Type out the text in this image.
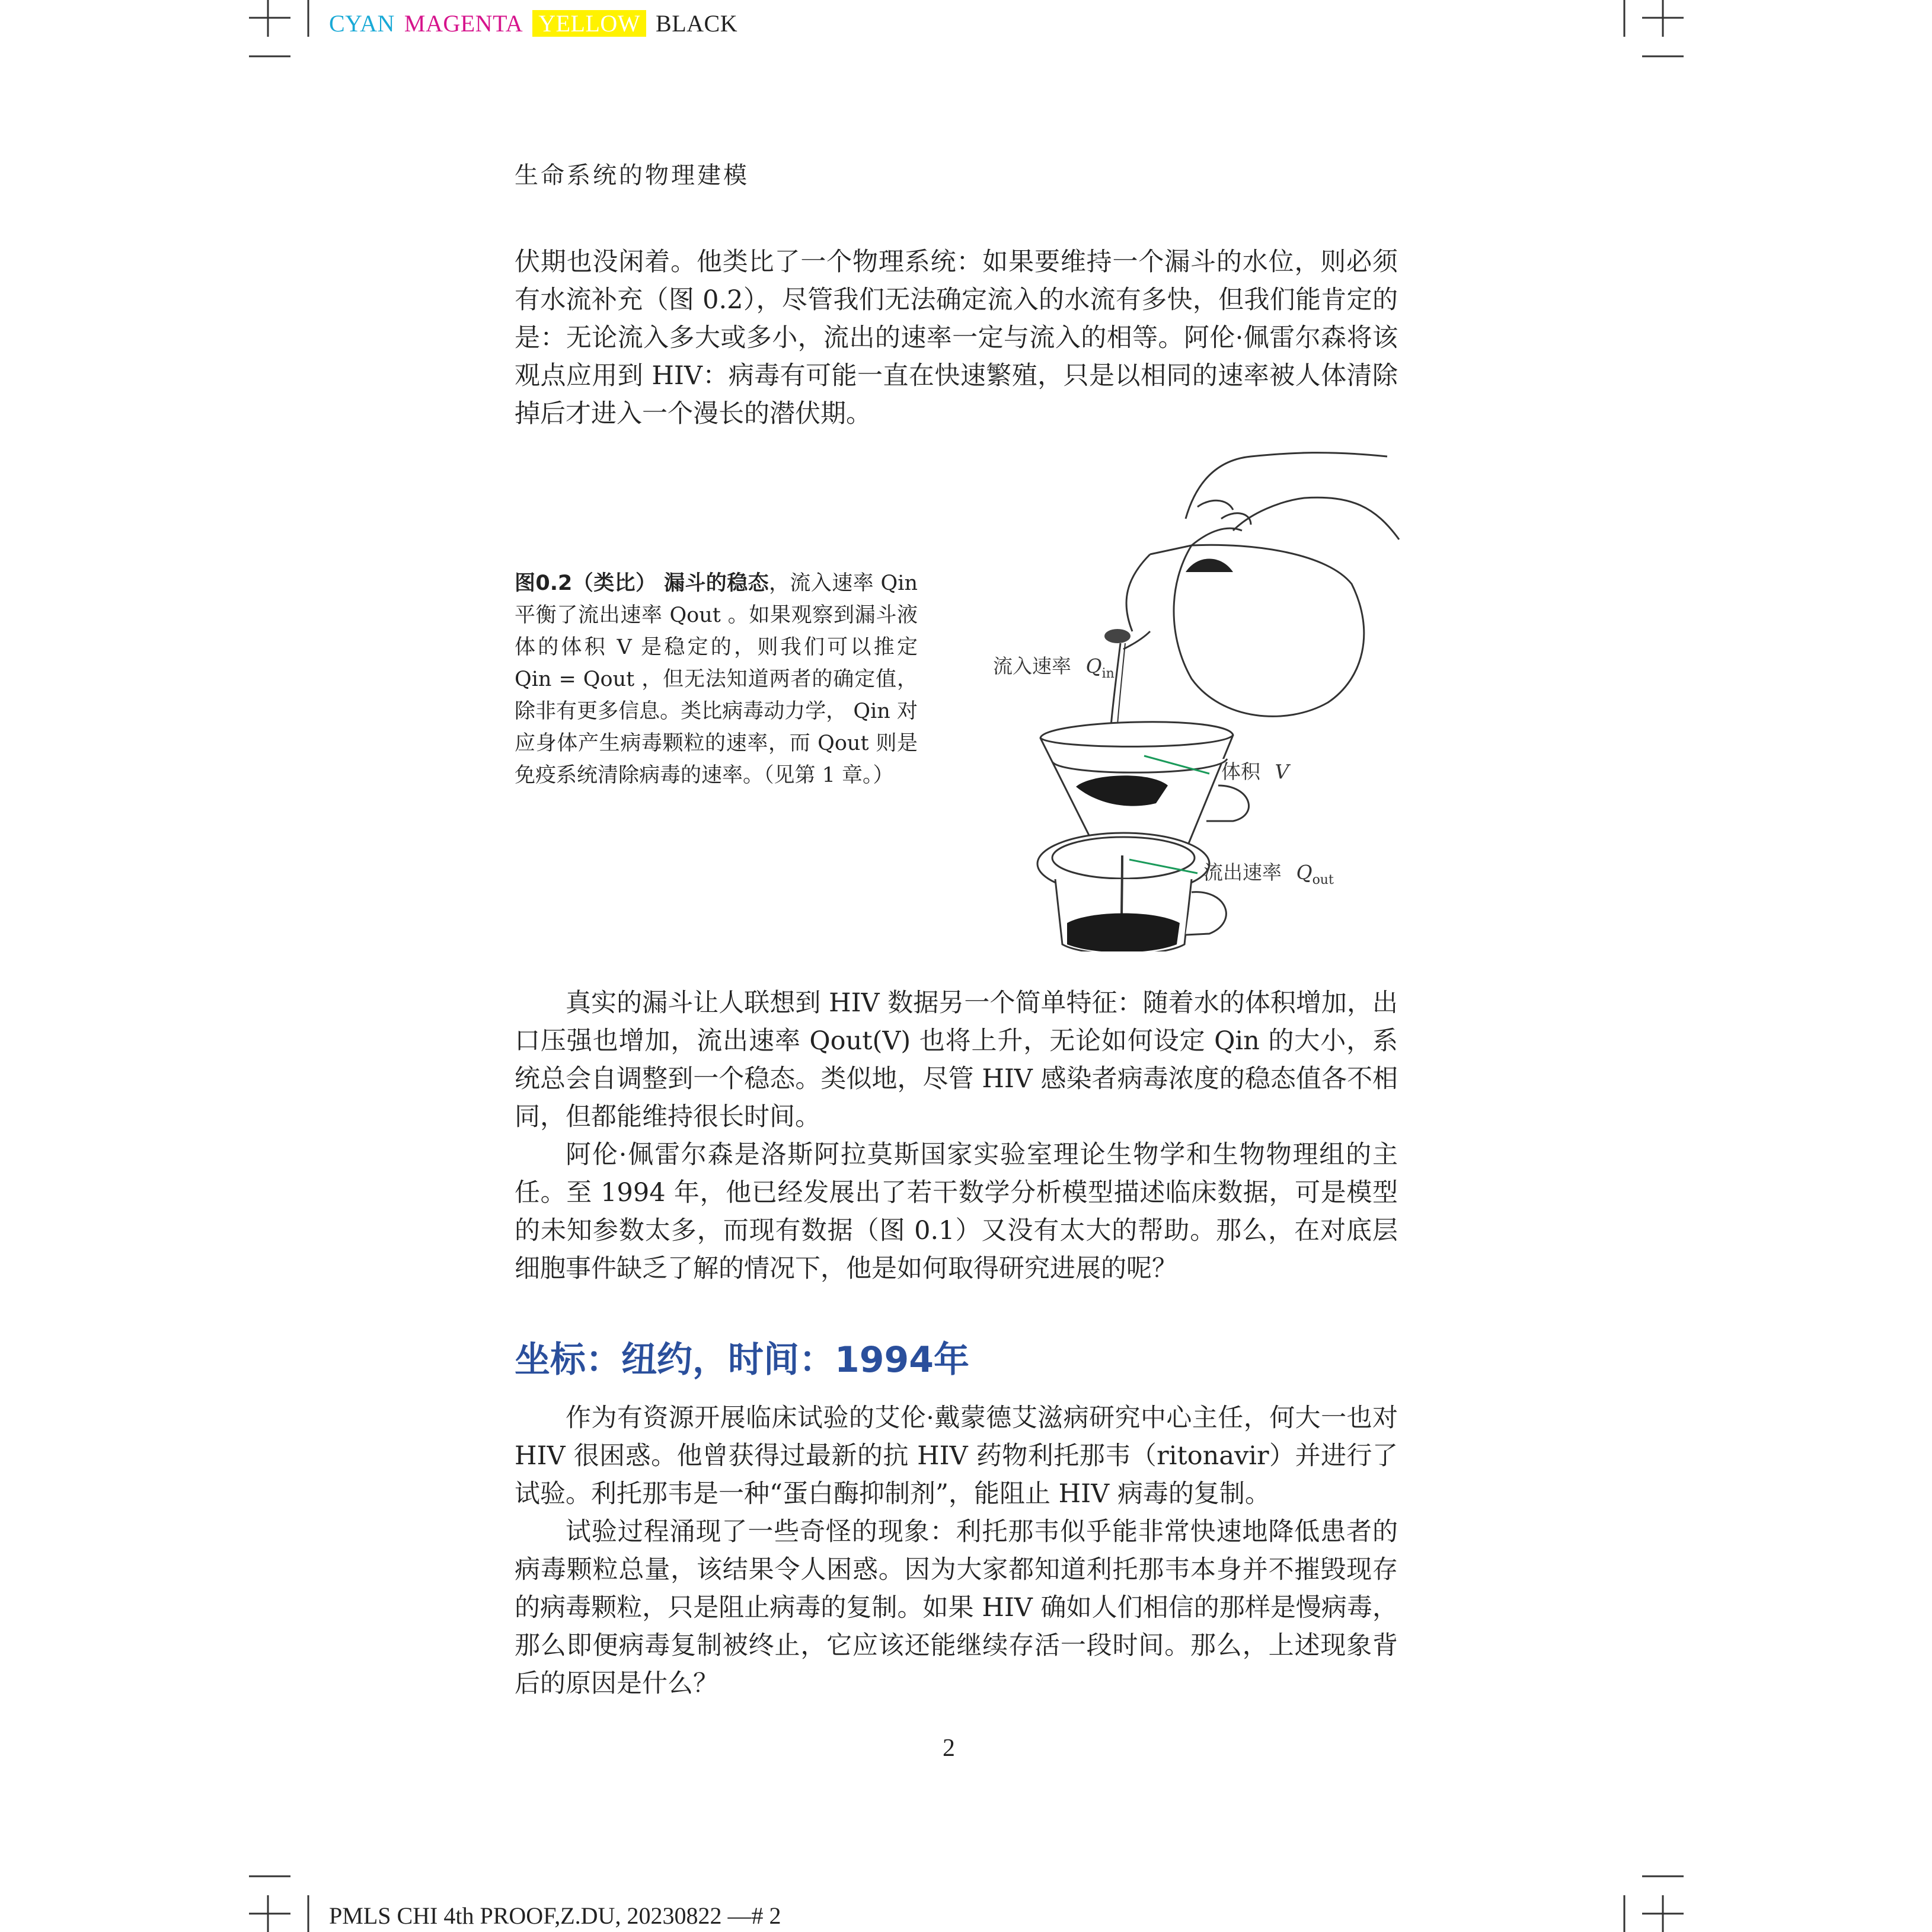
CYAN MAGENTA YELLOW BLACK
生命系统的物理建模

伏期也没闲着。他类比了一个物理系统：如果要维持一个漏斗的水位，则必须有水流补充（图 0.2），尽管我们无法确定流入的水流有多快，但我们能肯定的是：无论流入多大或多小，流出的速率一定与流入的相等。阿伦·佩雷尔森将该观点应用到 HIV：病毒有可能一直在快速繁殖，只是以相同的速率被人体清除掉后才进入一个漫长的潜伏期。

图0.2（类比） 漏斗的稳态，流入速率 Qin 平衡了流出速率 Qout 。如果观察到漏斗液体的体积 V 是稳定的，则我们可以推定 Qin = Qout ，但无法知道两者的确定值，除非有更多信息。类比病毒动力学， Qin 对应身体产生病毒颗粒的速率，而 Qout 则是免疫系统清除病毒的速率。（见第 1 章。）
流入速率 $Q_{in}$
体积 V
流出速率 $Q_{out}$

真实的漏斗让人联想到 HIV 数据另一个简单特征：随着水的体积增加，出口压强也增加，流出速率 Qout(V) 也将上升，无论如何设定 Qin 的大小，系统总会自调整到一个稳态。类似地，尽管 HIV 感染者病毒浓度的稳态值各不相同，但都能维持很长时间。

阿伦·佩雷尔森是洛斯阿拉莫斯国家实验室理论生物学和生物物理组的主任。至 1994 年，他已经发展出了若干数学分析模型描述临床数据，可是模型的未知参数太多，而现有数据（图 0.1）又没有太大的帮助。那么，在对底层细胞事件缺乏了解的情况下，他是如何取得研究进展的呢？

坐标：纽约，时间：1994年

作为有资源开展临床试验的艾伦·戴蒙德艾滋病研究中心主任，何大一也对 HIV 很困惑。他曾获得过最新的抗 HIV 药物利托那韦（ritonavir）并进行了试验。利托那韦是一种“蛋白酶抑制剂”，能阻止 HIV 病毒的复制。

试验过程涌现了一些奇怪的现象：利托那韦似乎能非常快速地降低患者的病毒颗粒总量，该结果令人困惑。因为大家都知道利托那韦本身并不摧毁现存的病毒颗粒，只是阻止病毒的复制。如果 HIV 确如人们相信的那样是慢病毒，那么即便病毒复制被终止，它应该还能继续存活一段时间。那么，上述现象背后的原因是什么？

2
PMLS CHI 4th PROOF,Z.DU, 20230822 —# 2
